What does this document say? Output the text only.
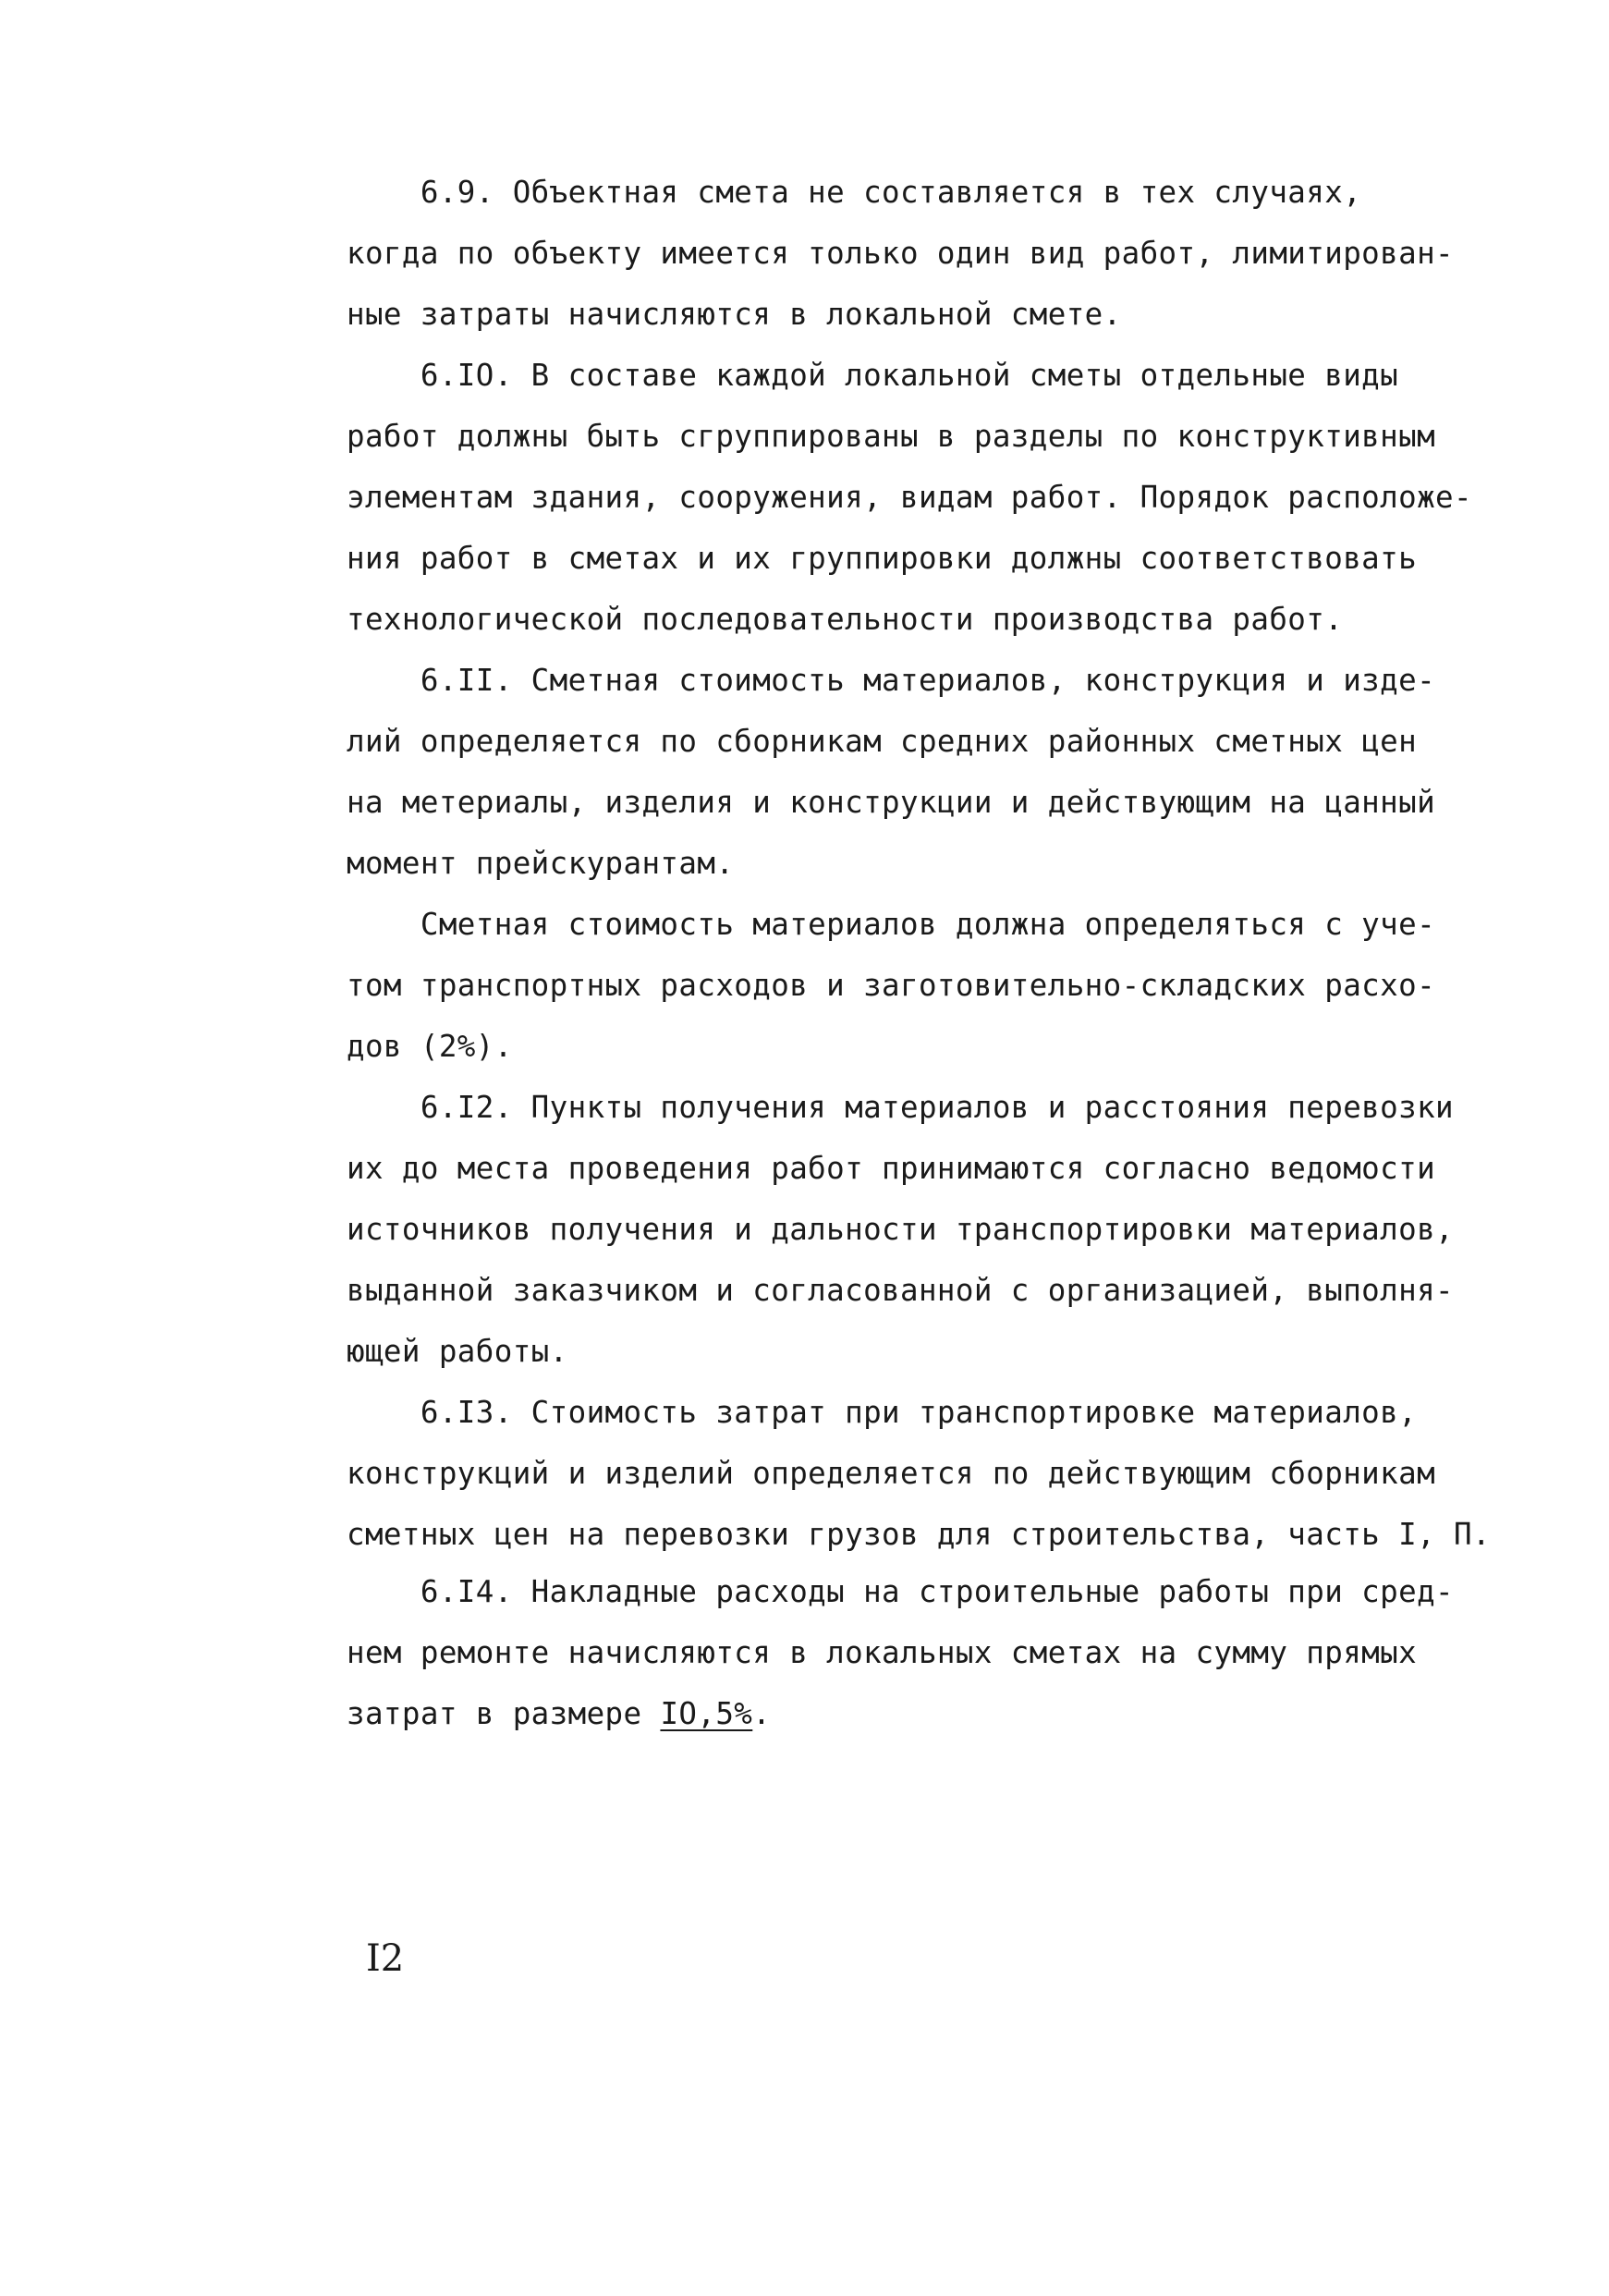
6.9. Объектная смета не составляется в тех случаях,
когда по объекту имеется только один вид работ, лимитирован-
ные затраты начисляются в локальной смете.
6.IO. В составе каждой локальной сметы отдельные виды
работ должны быть сгруппированы в разделы по конструктивным
элементам здания, сооружения, видам работ. Порядок расположе-
ния работ в сметах и их группировки должны соответствовать
технологической последовательности производства работ.
6.II. Сметная стоимость материалов, конструкция и изде-
лий определяется по сборникам средних районных сметных цен
на метериалы, изделия и конструкции и действующим на цанный
момент прейскурантам.
Сметная стоимость материалов должна определяться с уче-
том транспортных расходов и заготовительно-складских расхо-
дов (2%).
6.I2. Пункты получения материалов и расстояния перевозки
их до места проведения работ принимаются согласно ведомости
источников получения и дальности транспортировки материалов,
выданной заказчиком и согласованной с организацией, выполня-
ющей работы.
6.I3. Стоимость затрат при транспортировке материалов,
конструкций и изделий определяется по действующим сборникам
сметных цен на перевозки грузов для строительства, часть I, П.
6.I4. Накладные расходы на строительные работы при сред-
нем ремонте начисляются в локальных сметах на сумму прямых
затрат в размере IO,5%.
I2
